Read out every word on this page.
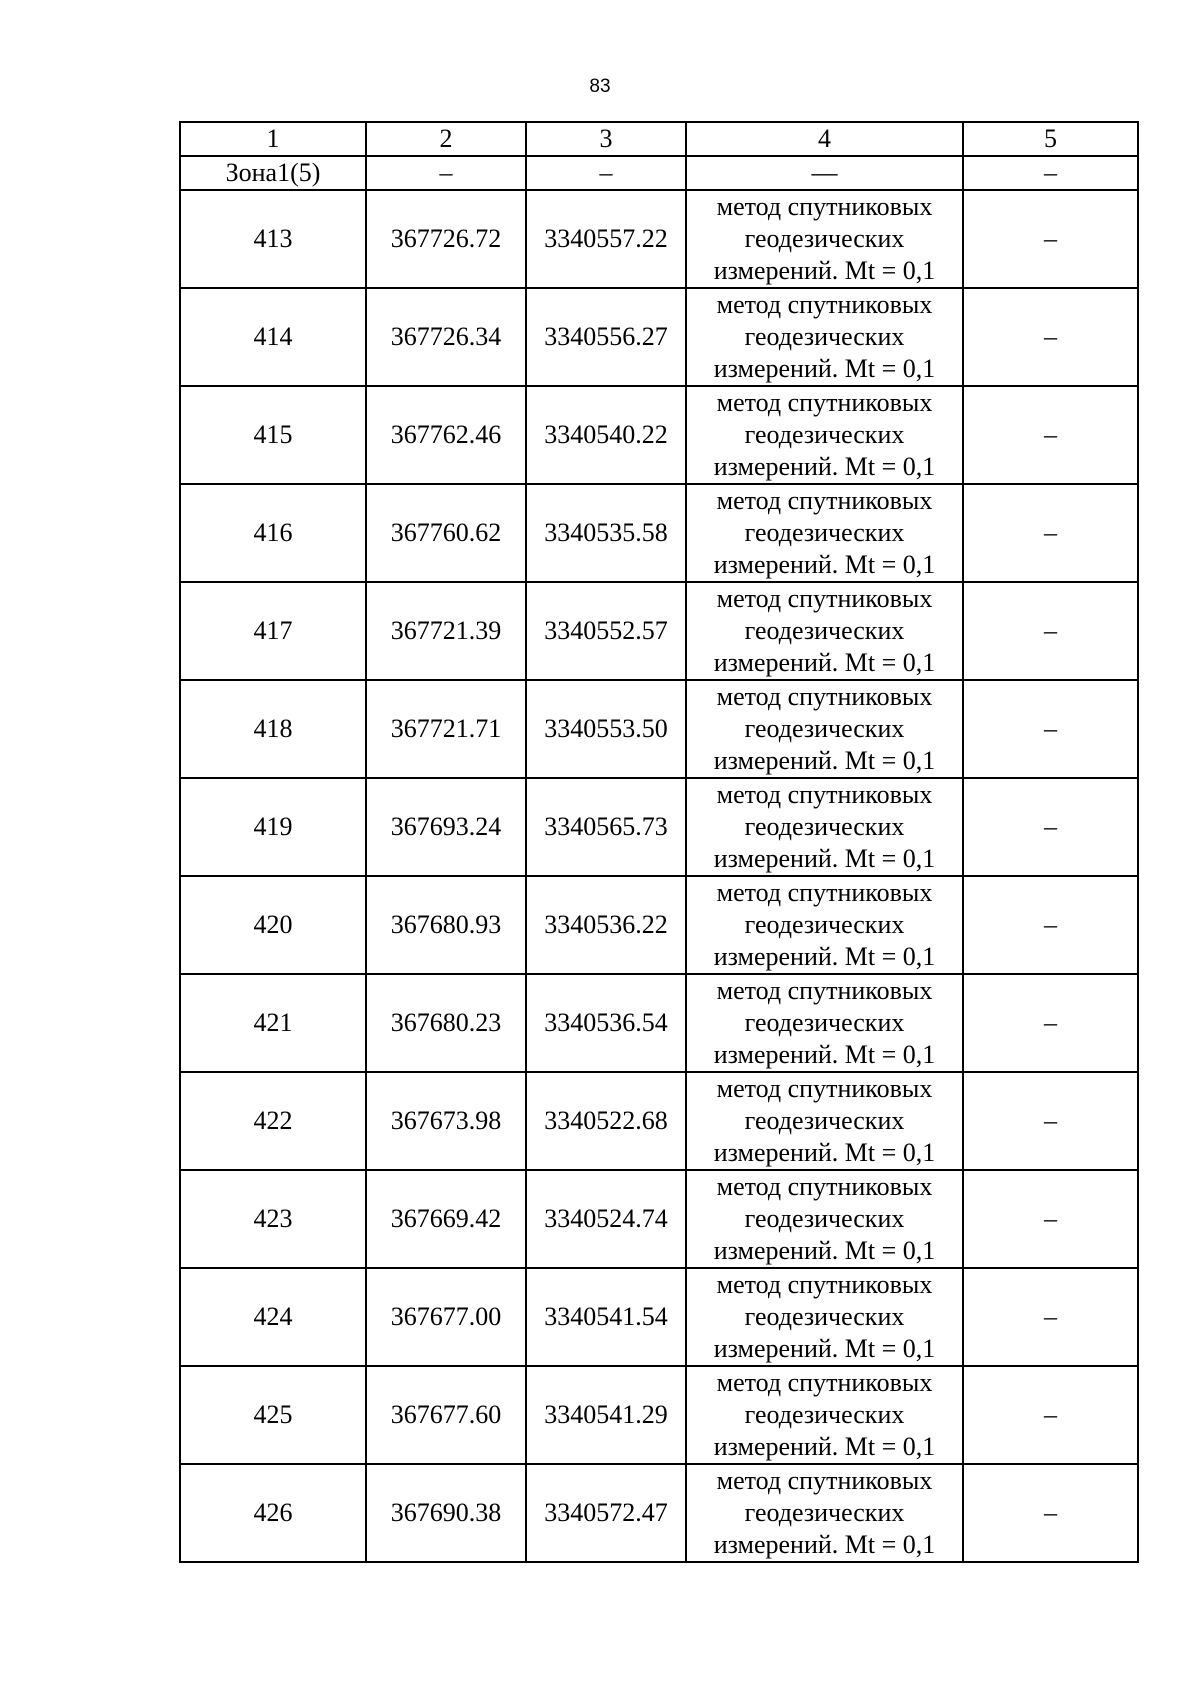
83
1	2	3	4	5
Зона1(5)	–	–	—	–
413	367726.72	3340557.22	метод спутниковых
геодезических
измерений. Mt = 0,1	–
414	367726.34	3340556.27	метод спутниковых
геодезических
измерений. Mt = 0,1	–
415	367762.46	3340540.22	метод спутниковых
геодезических
измерений. Mt = 0,1	–
416	367760.62	3340535.58	метод спутниковых
геодезических
измерений. Mt = 0,1	–
417	367721.39	3340552.57	метод спутниковых
геодезических
измерений. Mt = 0,1	–
418	367721.71	3340553.50	метод спутниковых
геодезических
измерений. Mt = 0,1	–
419	367693.24	3340565.73	метод спутниковых
геодезических
измерений. Mt = 0,1	–
420	367680.93	3340536.22	метод спутниковых
геодезических
измерений. Mt = 0,1	–
421	367680.23	3340536.54	метод спутниковых
геодезических
измерений. Mt = 0,1	–
422	367673.98	3340522.68	метод спутниковых
геодезических
измерений. Mt = 0,1	–
423	367669.42	3340524.74	метод спутниковых
геодезических
измерений. Mt = 0,1	–
424	367677.00	3340541.54	метод спутниковых
геодезических
измерений. Mt = 0,1	–
425	367677.60	3340541.29	метод спутниковых
геодезических
измерений. Mt = 0,1	–
426	367690.38	3340572.47	метод спутниковых
геодезических
измерений. Mt = 0,1	–
